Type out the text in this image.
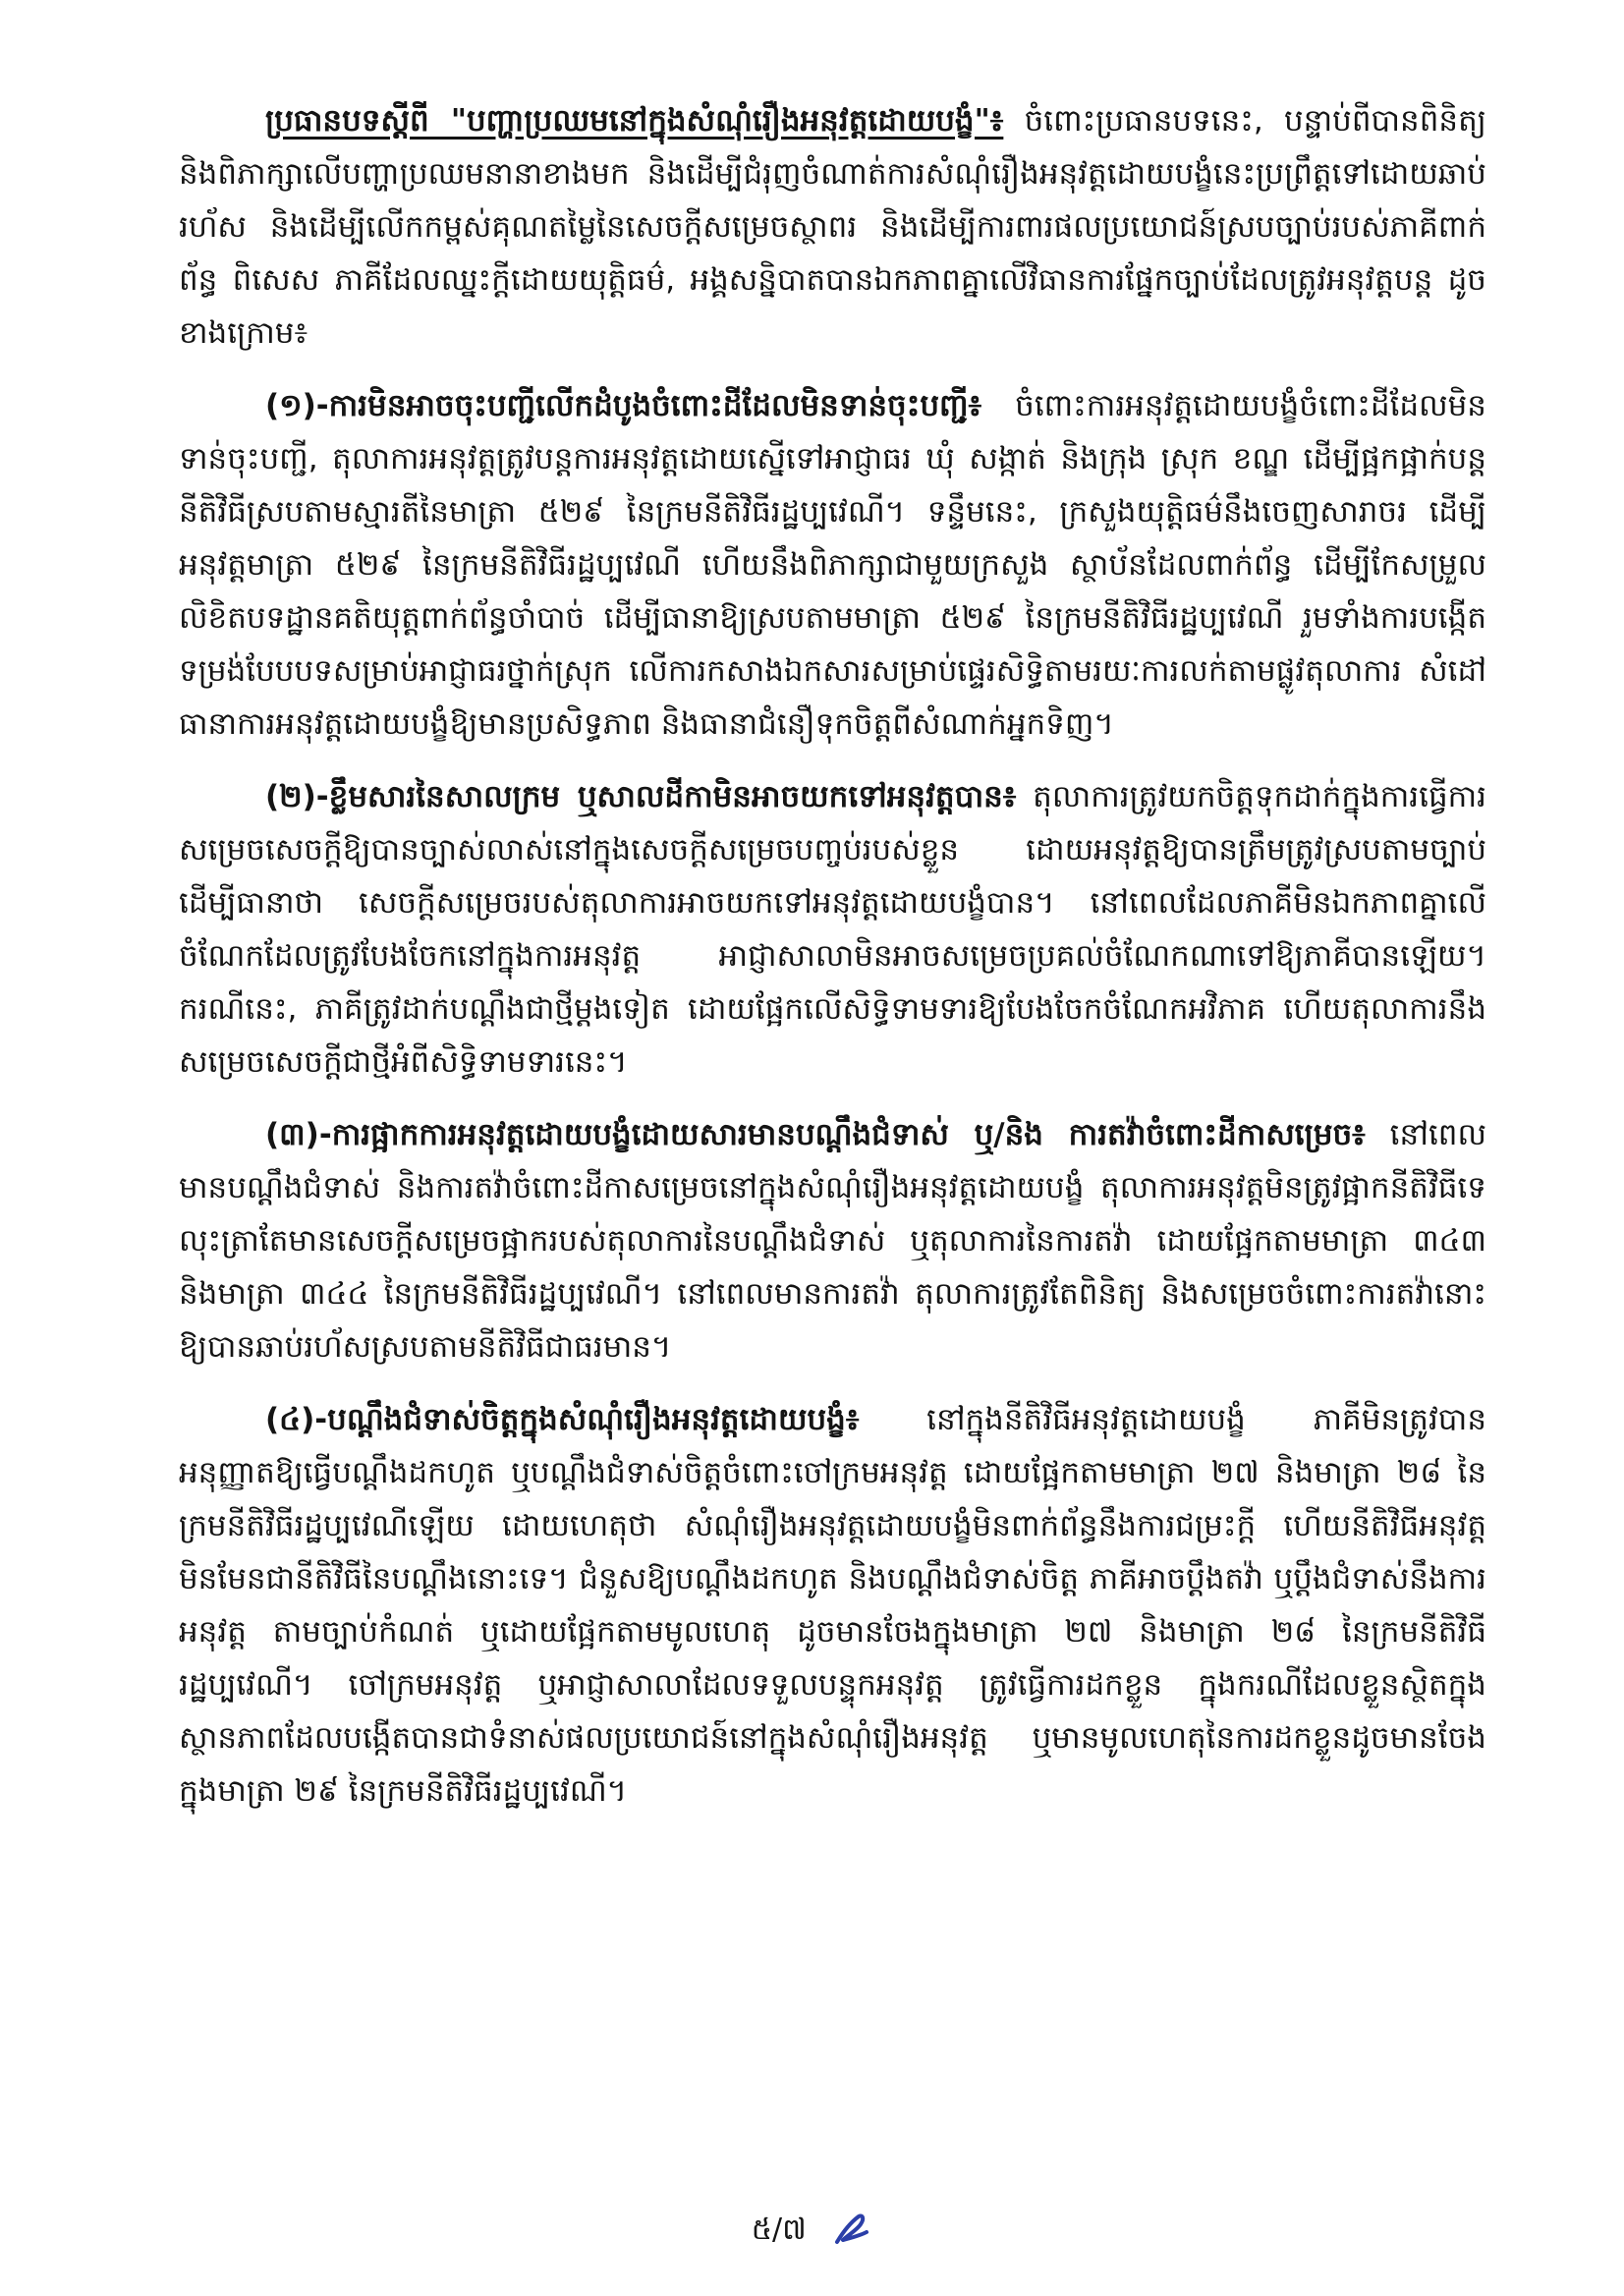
ប្រធានបទស្ដីពី "បញ្ហាប្រឈមនៅក្នុងសំណុំរឿងអនុវត្តដោយបង្ខំ"៖ ចំពោះប្រធានបទនេះ, បន្ទាប់ពីបានពិនិត្យ និងពិភាក្សាលើបញ្ហាប្រឈមនានាខាងមក និងដើម្បីជំរុញចំណាត់ការសំណុំរឿងអនុវត្តដោយបង្ខំនេះប្រព្រឹត្តទៅដោយឆាប់រហ័ស និងដើម្បីលើកកម្ពស់គុណតម្លៃនៃសេចក្ដីសម្រេចស្ថាពរ និងដើម្បីការពារផលប្រយោជន៍ស្របច្បាប់របស់ភាគីពាក់ព័ន្ធ ពិសេស ភាគីដែលឈ្នះក្ដីដោយយុត្តិធម៌, អង្គសន្និបាតបានឯកភាពគ្នាលើវិធានការផ្នែកច្បាប់ដែលត្រូវអនុវត្តបន្ត ដូចខាងក្រោម៖

(១)-ការមិនអាចចុះបញ្ជីលើកដំបូងចំពោះដីដែលមិនទាន់ចុះបញ្ជី៖ ចំពោះការអនុវត្តដោយបង្ខំចំពោះដីដែលមិនទាន់ចុះបញ្ជី, តុលាការអនុវត្តត្រូវបន្តការអនុវត្តដោយស្នើទៅអាជ្ញាធរ ឃុំ សង្កាត់ និងក្រុង ស្រុក ខណ្ឌ ដើម្បីផ្អកផ្អាក់បន្តនីតិវិធីស្របតាមស្មារតីនៃមាត្រា ៥២៩ នៃក្រមនីតិវិធីរដ្ឋប្បវេណី។ ទន្ទឹមនេះ, ក្រសួងយុត្តិធម៌នឹងចេញសារាចរ ដើម្បីអនុវត្តមាត្រា ៥២៩ នៃក្រមនីតិវិធីរដ្ឋប្បវេណី ហើយនឹងពិភាក្សាជាមួយក្រសួង ស្ថាប័នដែលពាក់ព័ន្ធ ដើម្បីកែសម្រួលលិខិតបទដ្ឋានគតិយុត្តពាក់ព័ន្ធចាំបាច់ ដើម្បីធានាឱ្យស្របតាមមាត្រា ៥២៩ នៃក្រមនីតិវិធីរដ្ឋប្បវេណី រួមទាំងការបង្កើតទម្រង់បែបបទសម្រាប់អាជ្ញាធរថ្នាក់ស្រុក លើការកសាងឯកសារសម្រាប់ផ្ទេរសិទ្ធិតាមរយៈការលក់តាមផ្លូវតុលាការ សំដៅធានាការអនុវត្តដោយបង្ខំឱ្យមានប្រសិទ្ធភាព និងធានាជំនឿទុកចិត្តពីសំណាក់អ្នកទិញ។

(២)-ខ្លឹមសារនៃសាលក្រម ឬសាលដីកាមិនអាចយកទៅអនុវត្តបាន៖ តុលាការត្រូវយកចិត្តទុកដាក់ក្នុងការធ្វើការសម្រេចសេចក្ដីឱ្យបានច្បាស់លាស់នៅក្នុងសេចក្ដីសម្រេចបញ្ចប់របស់ខ្លួន ដោយអនុវត្តឱ្យបានត្រឹមត្រូវស្របតាមច្បាប់ ដើម្បីធានាថា សេចក្ដីសម្រេចរបស់តុលាការអាចយកទៅអនុវត្តដោយបង្ខំបាន។ នៅពេលដែលភាគីមិនឯកភាពគ្នាលើចំណែកដែលត្រូវបែងចែកនៅក្នុងការអនុវត្ត អាជ្ញាសាលាមិនអាចសម្រេចប្រគល់ចំណែកណាទៅឱ្យភាគីបានឡើយ។ ករណីនេះ, ភាគីត្រូវដាក់បណ្ដឹងជាថ្មីម្ដងទៀត ដោយផ្អែកលើសិទ្ធិទាមទារឱ្យបែងចែកចំណែកអវិភាគ ហើយតុលាការនឹងសម្រេចសេចក្ដីជាថ្មីអំពីសិទ្ធិទាមទារនេះ។

(៣)-ការផ្អាកការអនុវត្តដោយបង្ខំដោយសារមានបណ្ដឹងជំទាស់ ឬ/និង ការតវ៉ាចំពោះដីកាសម្រេច៖ នៅពេលមានបណ្ដឹងជំទាស់ និងការតវ៉ាចំពោះដីកាសម្រេចនៅក្នុងសំណុំរឿងអនុវត្តដោយបង្ខំ តុលាការអនុវត្តមិនត្រូវផ្អាកនីតិវិធីទេ លុះត្រាតែមានសេចក្ដីសម្រេចផ្អាករបស់តុលាការនៃបណ្ដឹងជំទាស់ ឬតុលាការនៃការតវ៉ា ដោយផ្អែកតាមមាត្រា ៣៤៣ និងមាត្រា ៣៤៤ នៃក្រមនីតិវិធីរដ្ឋប្បវេណី។ នៅពេលមានការតវ៉ា តុលាការត្រូវតែពិនិត្យ និងសម្រេចចំពោះការតវ៉ានោះ ឱ្យបានឆាប់រហ័សស្របតាមនីតិវិធីជាធរមាន។

(៤)-បណ្ដឹងជំទាស់ចិត្តក្នុងសំណុំរឿងអនុវត្តដោយបង្ខំ៖ នៅក្នុងនីតិវិធីអនុវត្តដោយបង្ខំ ភាគីមិនត្រូវបានអនុញ្ញាតឱ្យធ្វើបណ្ដឹងដកហូត ឬបណ្ដឹងជំទាស់ចិត្តចំពោះចៅក្រមអនុវត្ត ដោយផ្អែកតាមមាត្រា ២៧ និងមាត្រា ២៨ នៃក្រមនីតិវិធីរដ្ឋប្បវេណីឡើយ ដោយហេតុថា សំណុំរឿងអនុវត្តដោយបង្ខំមិនពាក់ព័ន្ធនឹងការជម្រះក្ដី ហើយនីតិវិធីអនុវត្តមិនមែនជានីតិវិធីនៃបណ្ដឹងនោះទេ។ ជំនួសឱ្យបណ្ដឹងដកហូត និងបណ្ដឹងជំទាស់ចិត្ត ភាគីអាចប្ដឹងតវ៉ា ឬប្ដឹងជំទាស់នឹងការអនុវត្ត តាមច្បាប់កំណត់ ឬដោយផ្អែកតាមមូលហេតុ ដូចមានចែងក្នុងមាត្រា ២៧ និងមាត្រា ២៨ នៃក្រមនីតិវិធីរដ្ឋប្បវេណី។ ចៅក្រមអនុវត្ត ឬអាជ្ញាសាលាដែលទទួលបន្ទុកអនុវត្ត ត្រូវធ្វើការដកខ្លួន ក្នុងករណីដែលខ្លួនស្ថិតក្នុងស្ថានភាពដែលបង្កើតបានជាទំនាស់ផលប្រយោជន៍នៅក្នុងសំណុំរឿងអនុវត្ត ឬមានមូលហេតុនៃការដកខ្លួនដូចមានចែងក្នុងមាត្រា ២៩ នៃក្រមនីតិវិធីរដ្ឋប្បវេណី។

៥/៧
